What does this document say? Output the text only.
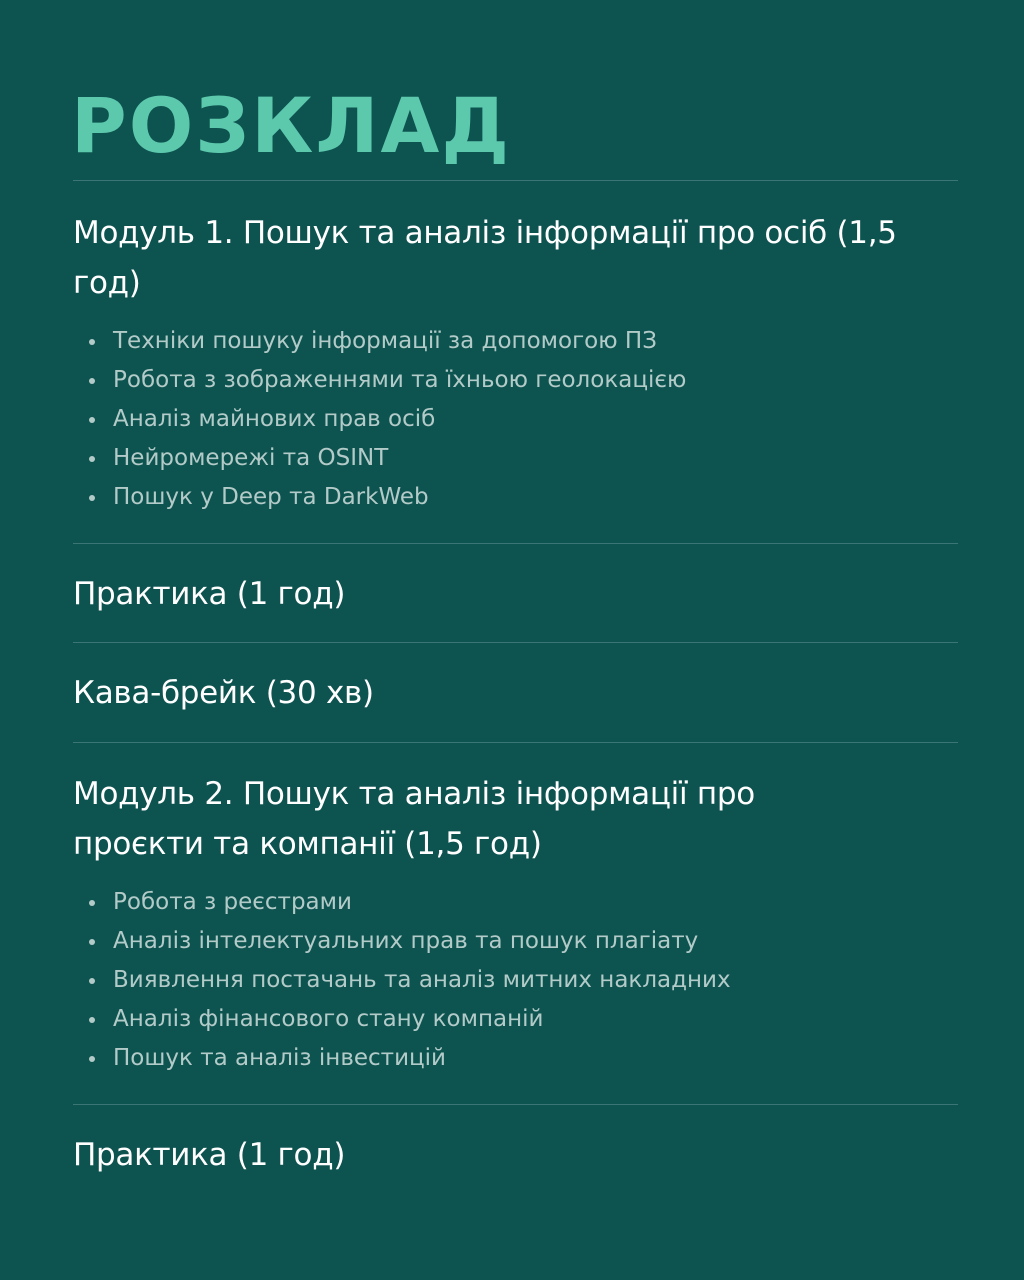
РОЗКЛАД
Модуль 1. Пошук та аналіз інформації про осіб (1,5 год)
Техніки пошуку інформації за допомогою ПЗ
Робота з зображеннями та їхньою геолокацією
Аналіз майнових прав осіб
Нейромережі та OSINT
Пошук у Deep та DarkWeb
Практика (1 год)
Кава-брейк (30 хв)
Модуль 2. Пошук та аналіз інформації про проєкти та компанії (1,5 год)
Робота з реєстрами
Аналіз інтелектуальних прав та пошук плагіату
Виявлення постачань та аналіз митних накладних
Аналіз фінансового стану компаній
Пошук та аналіз інвестицій
Практика (1 год)
